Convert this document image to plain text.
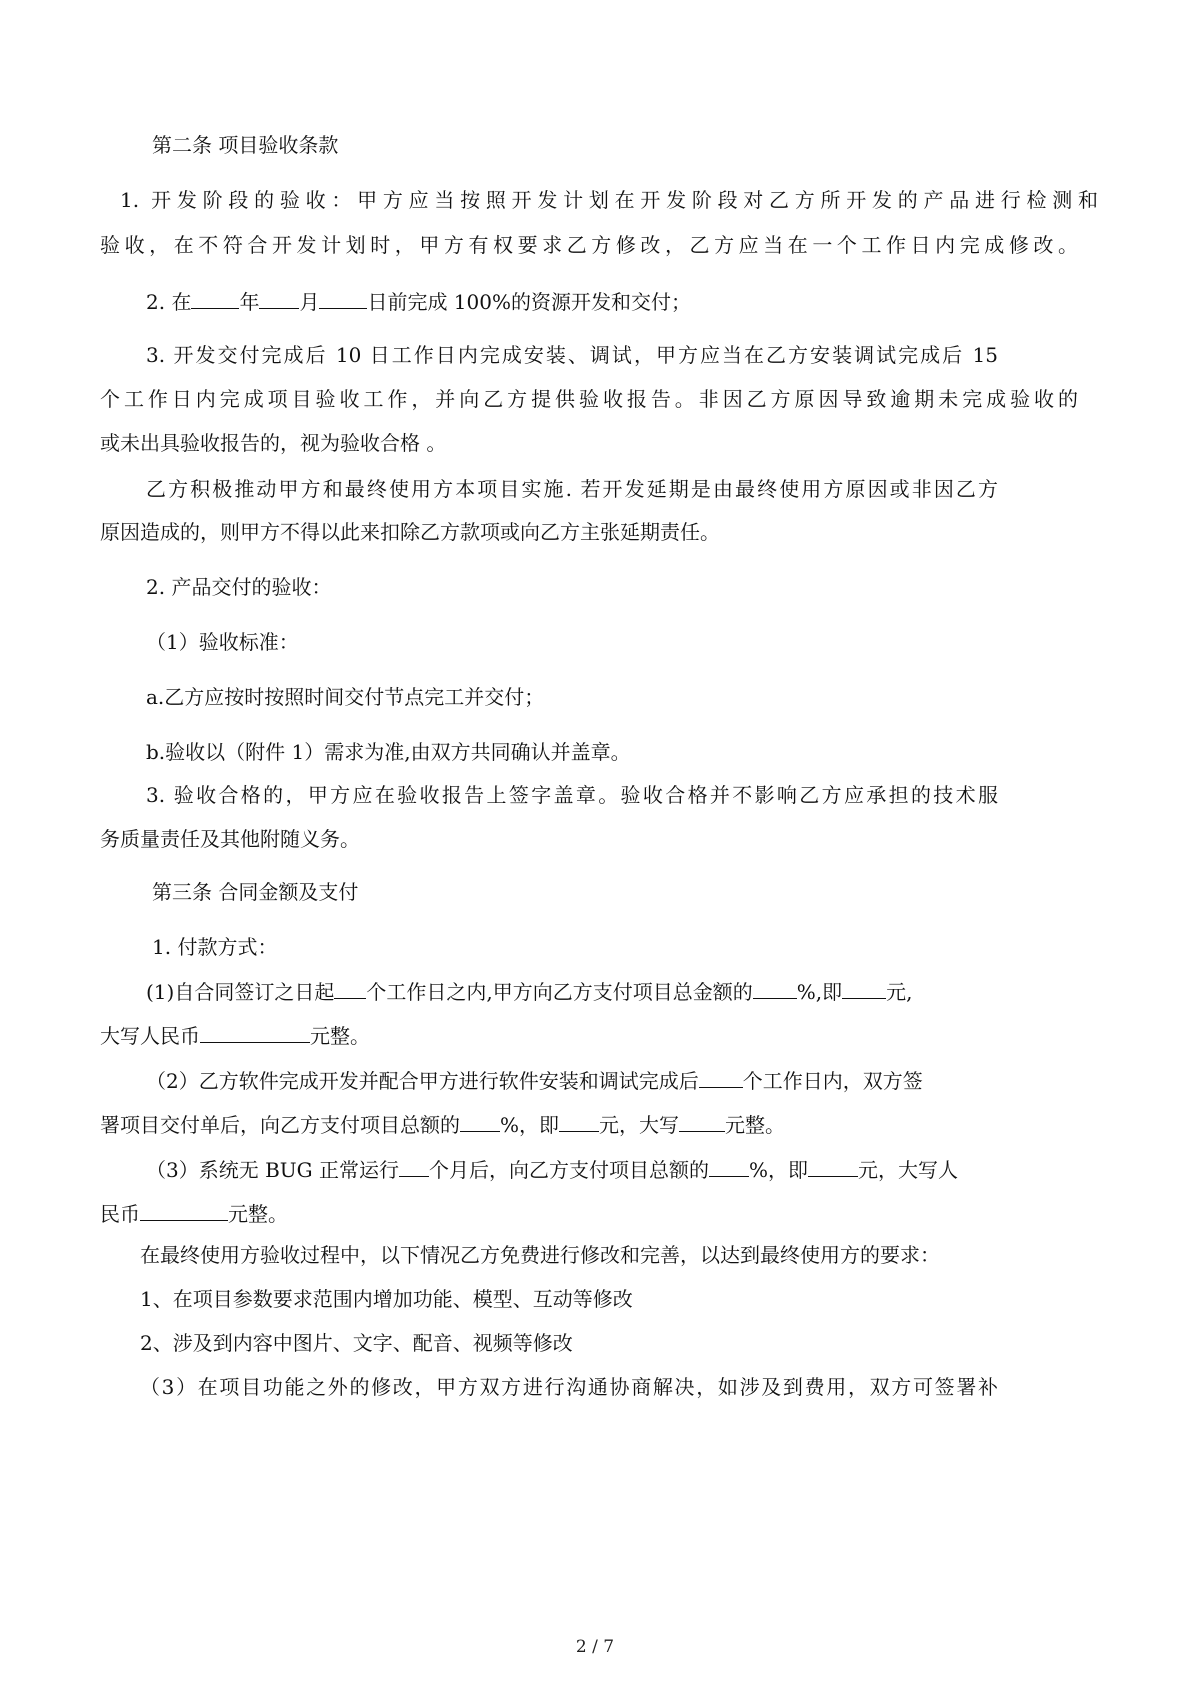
第二条 项目验收条款

1. 开发阶段的验收：甲方应当按照开发计划在开发阶段对乙方所开发的产品进行检测和

验收，在不符合开发计划时，甲方有权要求乙方修改，乙方应当在一个工作日内完成修改。

2. 在 年 月 日前完成 100%的资源开发和交付；

3. 开发交付完成后 10 日工作日内完成安装、调试，甲方应当在乙方安装调试完成后 15

个工作日内完成项目验收工作，并向乙方提供验收报告。非因乙方原因导致逾期未完成验收的

或未出具验收报告的，视为验收合格 。

乙方积极推动甲方和最终使用方本项目实施. 若开发延期是由最终使用方原因或非因乙方

原因造成的，则甲方不得以此来扣除乙方款项或向乙方主张延期责任。

2. 产品交付的验收：

（1）验收标准：

a.乙方应按时按照时间交付节点完工并交付；

b.验收以（附件 1）需求为准,由双方共同确认并盖章。

3. 验收合格的，甲方应在验收报告上签字盖章。验收合格并不影响乙方应承担的技术服

务质量责任及其他附随义务。

第三条 合同金额及支付

1. 付款方式：

(1)自合同签订之日起 个工作日之内,甲方向乙方支付项目总金额的 %,即 元,

大写人民币	元整。

（2）乙方软件完成开发并配合甲方进行软件安装和调试完成后 个工作日内，双方签

署项目交付单后，向乙方支付项目总额的 %，即 元，大写 元整。

（3）系统无 BUG 正常运行 个月后，向乙方支付项目总额的 %，即	元，大写人

民币	元整。

在最终使用方验收过程中，以下情况乙方免费进行修改和完善，以达到最终使用方的要求：

1、在项目参数要求范围内增加功能、模型、互动等修改

2、涉及到内容中图片、文字、配音、视频等修改

（3）在项目功能之外的修改，甲方双方进行沟通协商解决，如涉及到费用，双方可签署补

2 / 7
